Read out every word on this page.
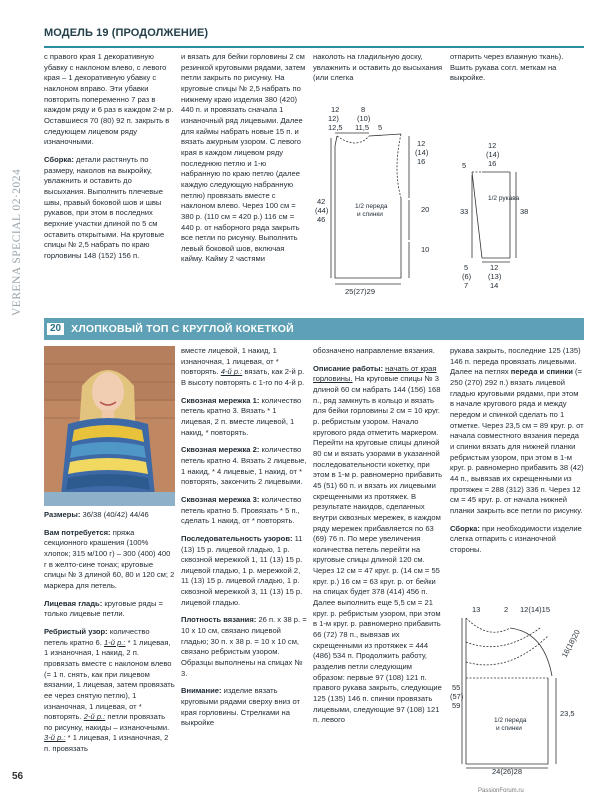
VERENA SPECIAL 02·2024
56
МОДЕЛЬ 19 (ПРОДОЛЖЕНИЕ)

с правого края 1 декоративную убавку с наклоном влево, с левого края – 1 декоративную убавку с наклоном вправо. Эти убавки повторить попеременно 7 раз в каждом ряду и 6 раз в каждом 2-м р. Оставшиеся 70 (80) 92 п. закрыть в следующем лицевом ряду изнаночными.

Сборка: детали растянуть по размеру, наколов на выкройку, увлажнить и оставить до высыхания. Выполнить плечевые швы, правый боковой шов и швы рукавов, при этом в последних верхние участки длиной по 5 см оставить открытыми. На круговые спицы № 2,5 набрать по краю горловины 148 (152) 156 п.

и вязать для бейки горловины 2 см резинкой круговыми рядами, затем петли закрыть по рисунку. На круговые спицы № 2,5 набрать по нижнему краю изделия 380 (420) 440 п. и провязать сначала 1 изнаночный ряд лицевыми. Далее для каймы набрать новые 15 п. и вязать ажурным узором. С левого края в каждом лицевом ряду последнюю петлю и 1-ю набранную по краю петлю (далее каждую следующую набранную петлю) провязать вместе с наклоном влево. Через 100 см = 380 р. (110 см = 420 р.) 116 см = 440 р. от наборного ряда закрыть все петли по рисунку. Выполнить левый боковой шов, включая кайму. Кайму 2 частями

наколоть на гладильную доску, увлажнить и оставить до высыхания (или слегка

отпарить через влажную ткань). Вшить рукава согл. меткам на выкройке.

12	8
12) (10)
12,5 11,5 5
12
(14)
16
42
(44)
46
20
10
25(27)29
1/2 переда
и спинки
12
(14)
16
5
33	38
5
(6)
7
12
(13)
14
1/2 рукава
20 ХЛОПКОВЫЙ ТОП С КРУГЛОЙ КОКЕТКОЙ

Размеры: 36/38 (40/42) 44/46

Вам потребуется: пряжа секционного крашения (100% хлопок; 315 м/100 г) – 300 (400) 400 г в желто-сине тонах; круговые спицы № 3 длиной 60, 80 и 120 см; 2 маркера для петель.

Лицевая гладь: круговые ряды = только лицевые петли.

Ребристый узор: количество петель кратно 6. 1-й р.: * 1 лицевая, 1 изнаночная, 1 накид, 2 п. провязать вместе с наклоном влево (= 1 п. снять, как при лицевом вязании, 1 лицевая, затем провязать ее через снятую петлю), 1 изнаночная, 1 лицевая, от * повторять. 2-й р.: петли провязать по рисунку, накиды – изнаночными. 3-й р.: * 1 лицевая, 1 изнаночная, 2 п. провязать

вместе лицевой, 1 накид, 1 изнаночная, 1 лицевая, от * повторять. 4-й р.: вязать, как 2-й р. В высоту повторять с 1-го по 4-й р.

Сквозная мережка 1: количество петель кратно 3. Вязать * 1 лицевая, 2 п. вместе лицевой, 1 накид, * повторять.

Сквозная мережка 2: количество петель кратно 4. Вязать 2 лицевые, 1 накид, * 4 лицевые, 1 накид, от * повторять, закончить 2 лицевыми.

Сквозная мережка 3: количество петель кратно 5. Провязать * 5 п., сделать 1 накид, от * повторять.

Последовательность узоров: 11 (13) 15 р. лицевой гладью, 1 р. сквозной мережкой 1, 11 (13) 15 р. лицевой гладью, 1 р. мережкой 2, 11 (13) 15 р. лицевой гладью, 1 р. сквозной мережкой 3, 11 (13) 15 р. лицевой гладью.

Плотность вязания: 26 п. x 38 р. = 10 x 10 см, связано лицевой гладью; 30 п. x 38 р. = 10 x 10 см, связано ребристым узором. Образцы выполнены на спицах № 3.

Внимание: изделие вязать круговыми рядами сверху вниз от края горловины. Стрелками на выкройке

обозначено направление вязания.

Описание работы: начать от края горловины. На круговые спицы № 3 длиной 60 см набрать 144 (156) 168 п., ряд замкнуть в кольцо и вязать для бейки горловины 2 см = 10 круг. р. ребристым узором. Начало кругового ряда отметить маркером. Перейти на круговые спицы длиной 80 см и вязать узорами в указанной последовательности кокетку, при этом в 1-м р. равномерно прибавить 45 (51) 60 п. и вязать их лицевыми скрещенными из протяжек. В результате накидов, сделанных внутри сквозных мережек, в каждом ряду мережек прибавляется по 63 (69) 76 п. По мере увеличения количества петель перейти на круговые спицы длиной 120 см. Через 12 см = 47 круг. р. (14 см = 55 круг. р.) 16 см = 63 круг. р. от бейки на спицах будет 378 (414) 456 п. Далее выполнить еще 5,5 см = 21 круг. р. ребристым узором, при этом в 1-м круг. р. равномерно прибавить 66 (72) 78 п., вывязав их скрещенными из протяжек = 444 (486) 534 п. Продолжить работу, разделив петли следующим образом: первые 97 (108) 121 п. правого рукава закрыть, следующие 125 (135) 146 п. спинки провязать лицевыми, следующие 97 (108) 121 п. левого

рукава закрыть, последние 125 (135) 146 п. переда провязать лицевыми. Далее на петлях переда и спинки (= 250 (270) 292 п.) вязать лицевой гладью круговыми рядами, при этом в начале кругового ряда и между передом и спинкой сделать по 1 отметке. Через 23,5 см = 89 круг. р. от начала совместного вязания переда и спинки вязать для нижней планки ребристым узором, при этом в 1-м круг. р. равномерно прибавить 38 (42) 44 п., вывязав их скрещенными из протяжек = 288 (312) 336 п. Через 12 см = 45 круг. р. от начала нижней планки закрыть все петли по рисунку.

Сборка: при необходимости изделие слегка отпарить с изнаночной стороны.

13	2 12(14)15
55
(57)
59
23,5
24(26)28
16(18)20
1/2 переда
и спинки
PassionForum.ru
